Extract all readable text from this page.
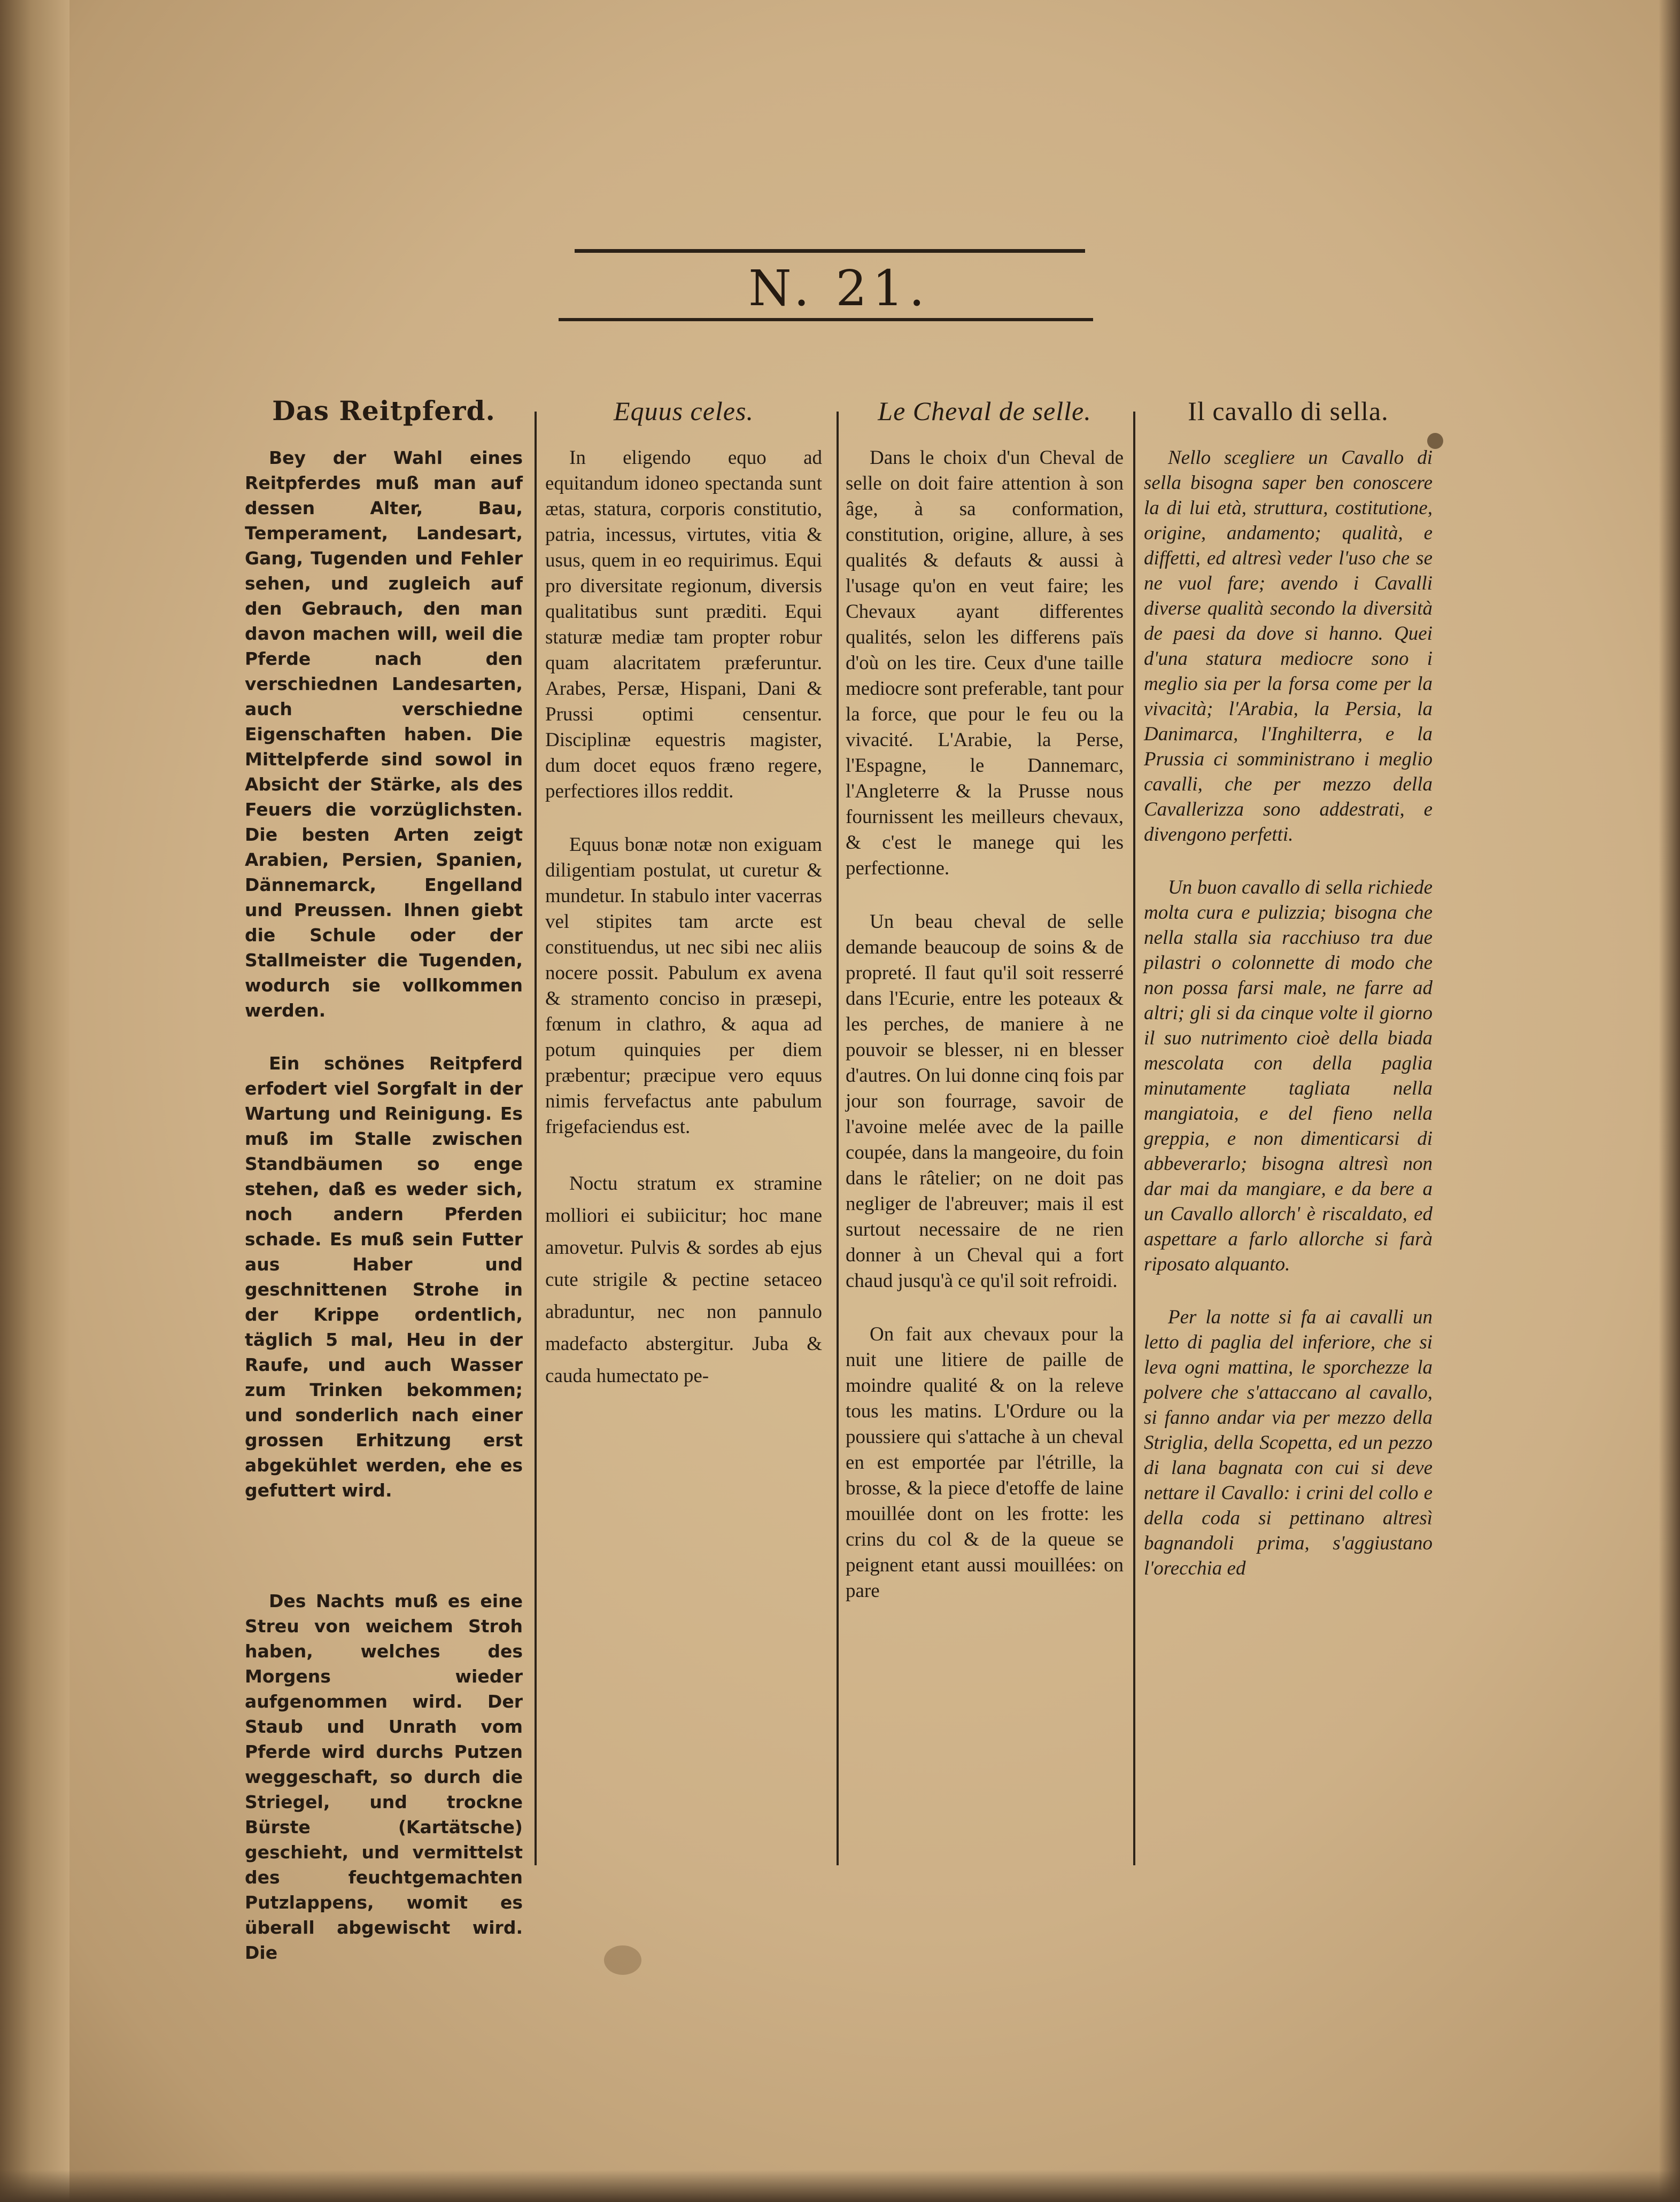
N. 21.
Das Reitpferd.

Bey der Wahl eines Reitpferdes muß man auf dessen Alter, Bau, Temperament, Landesart, Gang, Tugenden und Fehler sehen, und zugleich auf den Gebrauch, den man davon machen will, weil die Pferde nach den verschiednen Landesarten, auch verschiedne Eigenschaften haben. Die Mittelpferde sind sowol in Absicht der Stärke, als des Feuers die vorzüglichsten. Die besten Arten zeigt Arabien, Persien, Spanien, Dännemarck, Engelland und Preussen. Ihnen giebt die Schule oder der Stallmeister die Tugenden, wodurch sie vollkommen werden.

Ein schönes Reitpferd erfodert viel Sorgfalt in der Wartung und Reinigung. Es muß im Stalle zwischen Standbäumen so enge stehen, daß es weder sich, noch andern Pferden schade. Es muß sein Futter aus Haber und geschnittenen Strohe in der Krippe ordentlich, täglich 5 mal, Heu in der Raufe, und auch Wasser zum Trinken bekommen; und sonderlich nach einer grossen Erhitzung erst abgekühlet werden, ehe es gefuttert wird.

Des Nachts muß es eine Streu von weichem Stroh haben, welches des Morgens wieder aufgenommen wird. Der Staub und Unrath vom Pferde wird durchs Putzen weggeschaft, so durch die Striegel, und trockne Bürste (Kartätsche) geschieht, und vermittelst des feuchtgemachten Putzlappens, womit es überall abgewischt wird. Die

Equus celes.

In eligendo equo ad equitandum idoneo spectanda sunt ætas, statura, corporis constitutio, patria, incessus, virtutes, vitia & usus, quem in eo requirimus. Equi pro diversitate regionum, diversis qualitatibus sunt præditi. Equi staturæ mediæ tam propter robur quam alacritatem præferuntur. Arabes, Persæ, Hispani, Dani & Prussi optimi censentur. Disciplinæ equestris magister, dum docet equos fræno regere, perfectiores illos reddit.

Equus bonæ notæ non exiguam diligentiam postulat, ut curetur & mundetur. In stabulo inter vacerras vel stipites tam arcte est constituendus, ut nec sibi nec aliis nocere possit. Pabulum ex avena & stramento conciso in præsepi, fœnum in clathro, & aqua ad potum quinquies per diem præbentur; præcipue vero equus nimis fervefactus ante pabulum frigefaciendus est.

Noctu stratum ex stramine molliori ei subiicitur; hoc mane amovetur. Pulvis & sordes ab ejus cute strigile & pectine setaceo abraduntur, nec non pannulo madefacto abstergitur. Juba & cauda humectato pe-

Le Cheval de selle.

Dans le choix d'un Cheval de selle on doit faire attention à son âge, à sa conformation, constitution, origine, allure, à ses qualités & defauts & aussi à l'usage qu'on en veut faire; les Chevaux ayant differentes qualités, selon les differens païs d'où on les tire. Ceux d'une taille mediocre sont preferable, tant pour la force, que pour le feu ou la vivacité. L'Arabie, la Perse, l'Espagne, le Dannemarc, l'Angleterre & la Prusse nous fournissent les meilleurs chevaux, & c'est le manege qui les perfectionne.

Un beau cheval de selle demande beaucoup de soins & de propreté. Il faut qu'il soit resserré dans l'Ecurie, entre les poteaux & les perches, de maniere à ne pouvoir se blesser, ni en blesser d'autres. On lui donne cinq fois par jour son fourrage, savoir de l'avoine melée avec de la paille coupée, dans la mangeoire, du foin dans le râtelier; on ne doit pas negliger de l'abreuver; mais il est surtout necessaire de ne rien donner à un Cheval qui a fort chaud jusqu'à ce qu'il soit refroidi.

On fait aux chevaux pour la nuit une litiere de paille de moindre qualité & on la releve tous les matins. L'Ordure ou la poussiere qui s'attache à un cheval en est emportée par l'étrille, la brosse, & la piece d'etoffe de laine mouillée dont on les frotte: les crins du col & de la queue se peignent etant aussi mouillées: on pare

Il cavallo di sella.

Nello scegliere un Cavallo di sella bisogna saper ben conoscere la di lui età, struttura, costitutione, origine, andamento; qualità, e diffetti, ed altresì veder l'uso che se ne vuol fare; avendo i Cavalli diverse qualità secondo la diversità de paesi da dove si hanno. Quei d'una statura mediocre sono i meglio sia per la forsa come per la vivacità; l'Arabia, la Persia, la Danimarca, l'Inghilterra, e la Prussia ci somministrano i meglio cavalli, che per mezzo della Cavallerizza sono addestrati, e divengono perfetti.

Un buon cavallo di sella richiede molta cura e pulizzia; bisogna che nella stalla sia racchiuso tra due pilastri o colonnette di modo che non possa farsi male, ne farre ad altri; gli si da cinque volte il giorno il suo nutrimento cioè della biada mescolata con della paglia minutamente tagliata nella mangiatoia, e del fieno nella greppia, e non dimenticarsi di abbeverarlo; bisogna altresì non dar mai da mangiare, e da bere a un Cavallo allorch' è riscaldato, ed aspettare a farlo allorche si farà riposato alquanto.

Per la notte si fa ai cavalli un letto di paglia del inferiore, che si leva ogni mattina, le sporchezze la polvere che s'attaccano al cavallo, si fanno andar via per mezzo della Striglia, della Scopetta, ed un pezzo di lana bagnata con cui si deve nettare il Cavallo: i crini del collo e della coda si pettinano altresì bagnandoli prima, s'aggiustano l'orecchia ed
